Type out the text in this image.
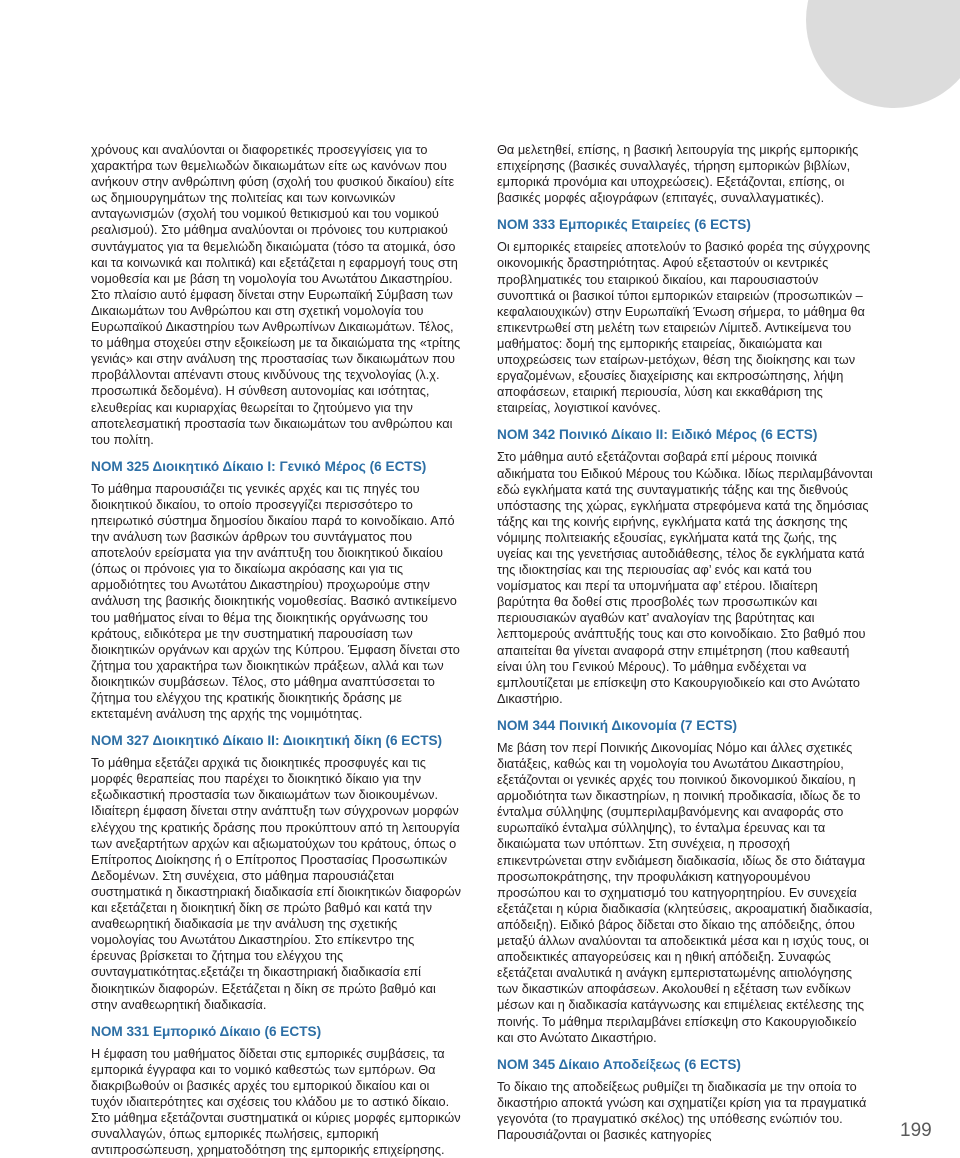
χρόνους και αναλύονται οι διαφορετικές προσεγγίσεις για το χαρακτήρα των θεμελιωδών δικαιωμάτων είτε ως κανόνων που ανήκουν στην ανθρώπινη φύση (σχολή του φυσικού δικαίου) είτε ως δημιουργημάτων της πολιτείας και των κοινωνικών ανταγωνισμών (σχολή του νομικού θετικισμού και του νομικού ρεαλισμού). Στο μάθημα αναλύονται οι πρόνοιες του κυπριακού συντάγματος για τα θεμελιώδη δικαιώματα (τόσο τα ατομικά, όσο και τα κοινωνικά και πολιτικά) και εξετάζεται η εφαρμογή τους στη νομοθεσία και με βάση τη νομολογία του Ανωτάτου Δικαστηρίου. Στο πλαίσιο αυτό έμφαση δίνεται στην Ευρωπαϊκή Σύμβαση των Δικαιωμάτων του Ανθρώπου και στη σχετική νομολογία του Ευρωπαϊκού Δικαστηρίου των Ανθρωπίνων Δικαιωμάτων. Τέλος, το μάθημα στοχεύει στην εξοικείωση με τα δικαιώματα της «τρίτης γενιάς» και στην ανάλυση της προστασίας των δικαιωμάτων που προβάλλονται απέναντι στους κινδύνους της τεχνολογίας (λ.χ. προσωπικά δεδομένα). Η σύνθεση αυτονομίας και ισότητας, ελευθερίας και κυριαρχίας θεωρείται το ζητούμενο για την αποτελεσματική προστασία των δικαιωμάτων του ανθρώπου και του πολίτη.

ΝΟΜ 325 Διοικητικό Δίκαιο Ι: Γενικό Μέρος (6 ECTS)

Το μάθημα παρουσιάζει τις γενικές αρχές και τις πηγές του διοικητικού δικαίου, το οποίο προσεγγίζει περισσότερο το ηπειρωτικό σύστημα δημοσίου δικαίου παρά το κοινοδίκαιο. Από την ανάλυση των βασικών άρθρων του συντάγματος που αποτελούν ερείσματα για την ανάπτυξη του διοικητικού δικαίου (όπως οι πρόνοιες για το δικαίωμα ακρόασης και για τις αρμοδιότητες του Ανωτάτου Δικαστηρίου) προχωρούμε στην ανάλυση της βασικής διοικητικής νομοθεσίας. Βασικό αντικείμενο του μαθήματος είναι το θέμα της διοικητικής οργάνωσης του κράτους, ειδικότερα με την συστηματική παρουσίαση των διοικητικών οργάνων και αρχών της Κύπρου. Έμφαση δίνεται στο ζήτημα του χαρακτήρα των διοικητικών πράξεων, αλλά και των διοικητικών συμβάσεων. Τέλος, στο μάθημα αναπτύσσεται το ζήτημα του ελέγχου της κρατικής διοικητικής δράσης με εκτεταμένη ανάλυση της αρχής της νομιμότητας.

ΝΟΜ 327 Διοικητικό Δίκαιο ΙΙ: Διοικητική δίκη (6 ECTS)

Το μάθημα εξετάζει αρχικά τις διοικητικές προσφυγές και τις μορφές θεραπείας που παρέχει το διοικητικό δίκαιο για την εξωδικαστική προστασία των δικαιωμάτων των διοικουμένων. Ιδιαίτερη έμφαση δίνεται στην ανάπτυξη των σύγχρονων μορφών ελέγχου της κρατικής δράσης που προκύπτουν από τη λειτουργία των ανεξαρτήτων αρχών και αξιωματούχων του κράτους, όπως ο Επίτροπος Διοίκησης ή ο Επίτροπος Προστασίας Προσωπικών Δεδομένων. Στη συνέχεια, στο μάθημα παρουσιάζεται συστηματικά η δικαστηριακή διαδικασία επί διοικητικών διαφορών και εξετάζεται η διοικητική δίκη σε πρώτο βαθμό και κατά την αναθεωρητική διαδικασία με την ανάλυση της σχετικής νομολογίας του Ανωτάτου Δικαστηρίου. Στο επίκεντρο της έρευνας βρίσκεται το ζήτημα του ελέγχου της συνταγματικότητας.εξετάζει τη δικαστηριακή διαδικασία επί διοικητικών διαφορών. Εξετάζεται η δίκη σε πρώτο βαθμό και στην αναθεωρητική διαδικασία.

ΝΟΜ 331 Εμπορικό Δίκαιο (6 ECTS)

Η έμφαση του μαθήματος δίδεται στις εμπορικές συμβάσεις, τα εμπορικά έγγραφα και το νομικό καθεστώς των εμπόρων. Θα διακριβωθούν οι βασικές αρχές του εμπορικού δικαίου και οι τυχόν ιδιαιτερότητες και σχέσεις του κλάδου με το αστικό δίκαιο. Στο μάθημα εξετάζονται συστηματικά οι κύριες μορφές εμπορικών συναλλαγών, όπως εμπορικές πωλήσεις, εμπορική αντιπροσώπευση, χρηματοδότηση της εμπορικής επιχείρησης.

Θα μελετηθεί, επίσης, η βασική λειτουργία της μικρής εμπορικής επιχείρησης (βασικές συναλλαγές, τήρηση εμπορικών βιβλίων, εμπορικά προνόμια και υποχρεώσεις). Εξετάζονται, επίσης, οι βασικές μορφές αξιογράφων (επιταγές, συναλλαγματικές).

ΝΟΜ 333 Εμπορικές Εταιρείες (6 ECTS)

Οι εμπορικές εταιρείες αποτελούν το βασικό φορέα της σύγχρονης οικονομικής δραστηριότητας. Αφού εξεταστούν οι κεντρικές προβληματικές του εταιρικού δικαίου, και παρουσιαστούν συνοπτικά οι βασικοί τύποι εμπορικών εταιρειών (προσωπικών – κεφαλαιουχικών) στην Ευρωπαϊκή Ένωση σήμερα, το μάθημα θα επικεντρωθεί στη μελέτη των εταιρειών Λίμιτεδ. Αντικείμενα του μαθήματος: δομή της εμπορικής εταιρείας, δικαιώματα και υποχρεώσεις των εταίρων-μετόχων, θέση της διοίκησης και των εργαζομένων, εξουσίες διαχείρισης και εκπροσώπησης, λήψη αποφάσεων, εταιρική περιουσία, λύση και εκκαθάριση της εταιρείας, λογιστικοί κανόνες.

ΝΟΜ 342 Ποινικό Δίκαιο ΙΙ: Ειδικό Μέρος (6 ECTS)

Στο μάθημα αυτό εξετάζονται σοβαρά επί μέρους ποινικά αδικήματα του Ειδικού Μέρους του Κώδικα. Ιδίως περιλαμβάνονται εδώ εγκλήματα κατά της συνταγματικής τάξης και της διεθνούς υπόστασης της χώρας, εγκλήματα στρεφόμενα κατά της δημόσιας τάξης και της κοινής ειρήνης, εγκλήματα κατά της άσκησης της νόμιμης πολιτειακής εξουσίας, εγκλήματα κατά της ζωής, της υγείας και της γενετήσιας αυτοδιάθεσης, τέλος δε εγκλήματα κατά της ιδιοκτησίας και της περιουσίας αφ’ ενός και κατά του νομίσματος και περί τα υπομνήματα αφ’ ετέρου. Ιδιαίτερη βαρύτητα θα δοθεί στις προσβολές των προσωπικών και περιουσιακών αγαθών κατ’ αναλογίαν της βαρύτητας και λεπτομερούς ανάπτυξής τους και στο κοινοδίκαιο. Στο βαθμό που απαιτείται θα γίνεται αναφορά στην επιμέτρηση (που καθεαυτή είναι ύλη του Γενικού Μέρους). Το μάθημα ενδέχεται να εμπλουτίζεται με επίσκεψη στο Κακουργιοδικείο και στο Ανώτατο Δικαστήριο.

ΝΟΜ 344 Ποινική Δικονομία (7 ECTS)

Με βάση τον περί Ποινικής Δικονομίας Νόμο και άλλες σχετικές διατάξεις, καθώς και τη νομολογία του Ανωτάτου Δικαστηρίου, εξετάζονται οι γενικές αρχές του ποινικού δικονομικού δικαίου, η αρμοδιότητα των δικαστηρίων, η ποινική προδικασία, ιδίως δε το ένταλμα σύλληψης (συμπεριλαμβανόμενης και αναφοράς στο ευρωπαϊκό ένταλμα σύλληψης), το ένταλμα έρευνας και τα δικαιώματα των υπόπτων. Στη συνέχεια, η προσοχή επικεντρώνεται στην ενδιάμεση διαδικασία, ιδίως δε στο διάταγμα προσωποκράτησης, την προφυλάκιση κατηγορουμένου προσώπου και το σχηματισμό του κατηγορητηρίου. Εν συνεχεία εξετάζεται η κύρια διαδικασία (κλητεύσεις, ακροαματική διαδικασία, απόδειξη). Ειδικό βάρος δίδεται στο δίκαιο της απόδειξης, όπου μεταξύ άλλων αναλύονται τα αποδεικτικά μέσα και η ισχύς τους, οι αποδεικτικές απαγορεύσεις και η ηθική απόδειξη. Συναφώς εξετάζεται αναλυτικά η ανάγκη εμπεριστατωμένης αιτιολόγησης των δικαστικών αποφάσεων. Ακολουθεί η εξέταση των ενδίκων μέσων και η διαδικασία κατάγνωσης και επιμέλειας εκτέλεσης της ποινής. Το μάθημα περιλαμβάνει επίσκεψη στο Κακουργιοδικείο και στο Ανώτατο Δικαστήριο.

ΝΟΜ 345 Δίκαιο Αποδείξεως (6 ECTS)

Το δίκαιο της αποδείξεως ρυθμίζει τη διαδικασία με την οποία το δικαστήριο αποκτά γνώση και σχηματίζει κρίση για τα πραγματικά γεγονότα (το πραγματικό σκέλος) της υπόθεσης ενώπιόν του. Παρουσιάζονται οι βασικές κατηγορίες	199
